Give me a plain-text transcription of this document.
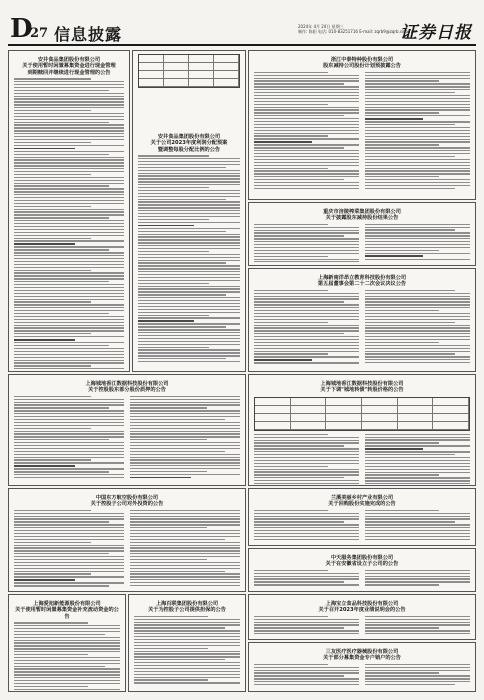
D
27 信息披露	2024年 4月 24日 星期三
制作: 陈阳 电话: 010-83251716 E-mail: zqrb9@zqrb.sina.net
证券日报
安井食品集团股份有限公司
关于使用暂时闲置募集资金进行现金管理
到期赎回并继续进行现金管理的公告
安井食品集团股份有限公司
关于公司2023年度利润分配预案
暨调整每股分配比例的公告
浙江中泰特种股份有限公司
股东减持公司股份计划预披露公告
重庆市涪陵榨菜集团股份有限公司
关于披露股东减持股份结果公告
上海新南洋昂立教育科技股份有限公司
第五届董事会第二十二次会议决议公告
上海城地香江数据科技股份有限公司
关于控股股东部分股份质押的公告
上海城地香江数据科技股份有限公司
关于下调"城地转债"转股价格的公告
中国东方航空股份有限公司
关于控股子公司对外投资的公告
兰溪美丽乡村产业有限公司
关于回购股份实施完成的公告
中天服务集团股份有限公司
关于在安徽省设立子公司的公告
上海爱旭新能源股份有限公司
关于使用暂时闲置募集资金补充流动资金的公告
上海百联集团股份有限公司
关于为控股子公司提供担保的公告
上海宝立食品科技股份有限公司
关于召开2023年度业绩说明会的公告
三友医疗医疗器械股份有限公司
关于部分募集资金专户销户的公告
